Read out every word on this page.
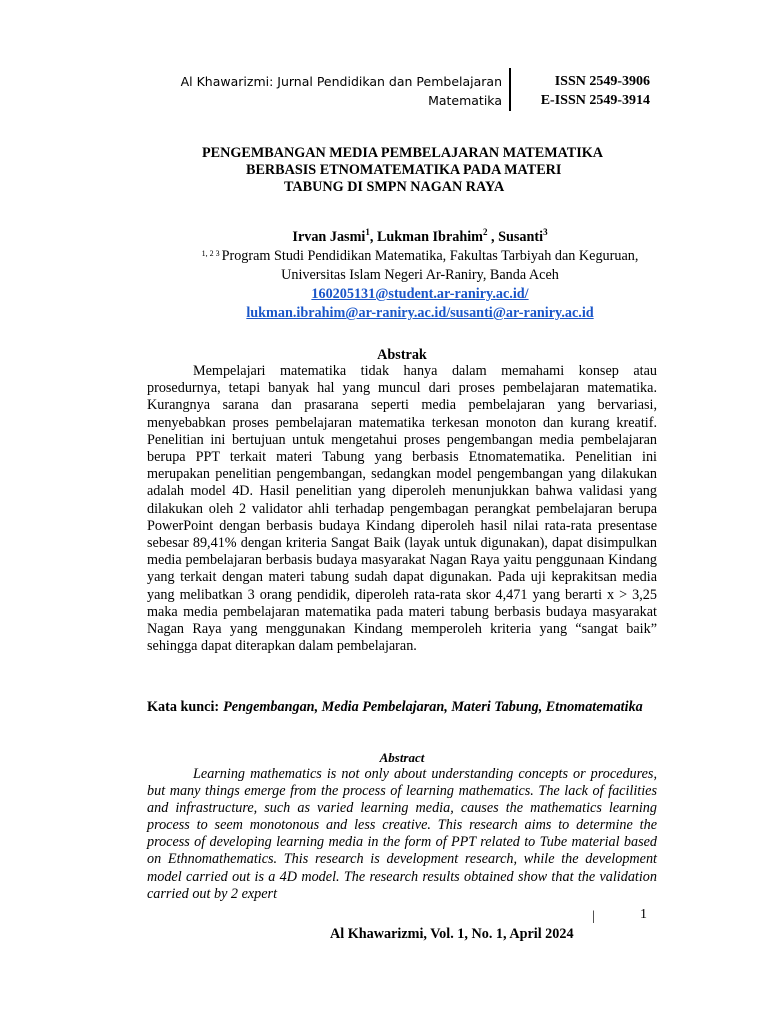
Al Khawarizmi: Jurnal Pendidikan dan Pembelajaran
Matematika
ISSN 2549-3906
E-ISSN 2549-3914
PENGEMBANGAN MEDIA PEMBELAJARAN MATEMATIKA
BERBASIS ETNOMATEMATIKA PADA MATERI
TABUNG DI SMPN NAGAN RAYA
Irvan Jasmi$^1$, Lukman Ibrahim$^2$ , Susanti$^3$
$^{1, 2 3}$ Program Studi Pendidikan Matematika, Fakultas Tarbiyah dan Keguruan,
Universitas Islam Negeri Ar-Raniry, Banda Aceh
160205131@student.ar-raniry.ac.id/
lukman.ibrahim@ar-raniry.ac.id/susanti@ar-raniry.ac.id
Abstrak

Mempelajari matematika tidak hanya dalam memahami konsep atau prosedurnya, tetapi banyak hal yang muncul dari proses pembelajaran matematika. Kurangnya sarana dan prasarana seperti media pembelajaran yang bervariasi, menyebabkan proses pembelajaran matematika terkesan monoton dan kurang kreatif. Penelitian ini bertujuan untuk mengetahui proses pengembangan media pembelajaran berupa PPT terkait materi Tabung yang berbasis Etnomatematika. Penelitian ini merupakan penelitian pengembangan, sedangkan model pengembangan yang dilakukan adalah model 4D. Hasil penelitian yang diperoleh menunjukkan bahwa validasi yang dilakukan oleh 2 validator ahli terhadap pengembagan perangkat pembelajaran berupa PowerPoint dengan berbasis budaya Kindang diperoleh hasil nilai rata-rata presentase sebesar 89,41% dengan kriteria Sangat Baik (layak untuk digunakan), dapat disimpulkan media pembelajaran berbasis budaya masyarakat Nagan Raya yaitu penggunaan Kindang yang terkait dengan materi tabung sudah dapat digunakan. Pada uji keprakitsan media yang melibatkan 3 orang pendidik, diperoleh rata-rata skor 4,471 yang berarti x > 3,25 maka media pembelajaran matematika pada materi tabung berbasis budaya masyarakat Nagan Raya yang menggunakan Kindang memperoleh kriteria yang “sangat baik” sehingga dapat diterapkan dalam pembelajaran.

Kata kunci: Pengembangan, Media Pembelajaran, Materi Tabung, Etnomatematika
Abstract

Learning mathematics is not only about understanding concepts or procedures, but many things emerge from the process of learning mathematics. The lack of facilities and infrastructure, such as varied learning media, causes the mathematics learning process to seem monotonous and less creative. This research aims to determine the process of developing learning media in the form of PPT related to Tube material based on Ethnomathematics. This research is development research, while the development model carried out is a 4D model. The research results obtained show that the validation carried out by 2 expert

|	1
Al Khawarizmi, Vol. 1, No. 1, April 2024
